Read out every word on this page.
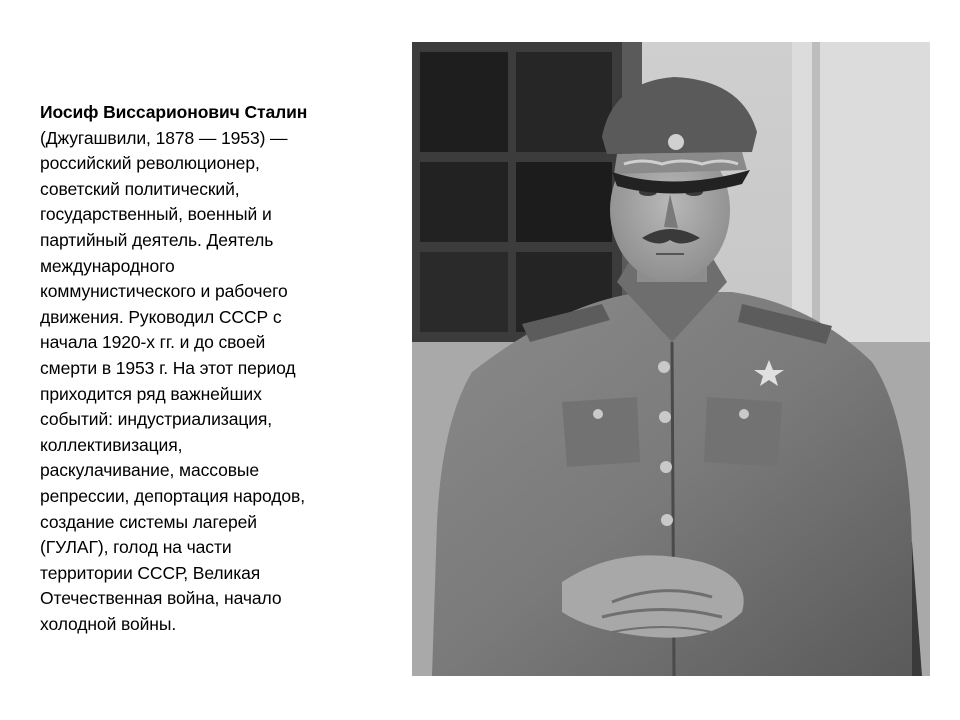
Иосиф Виссарионович Сталин
(Джугашвили, 1878 — 1953) —
российский революционер,
советский политический,
государственный, военный и
партийный деятель. Деятель
международного
коммунистического и рабочего
движения. Руководил СССР с
начала 1920-х гг. и до своей
смерти в 1953 г. На этот период
приходится ряд важнейших
событий: индустриализация,
коллективизация,
раскулачивание, массовые
репрессии, депортация народов,
создание системы лагерей
(ГУЛАГ), голод на части
территории СССР, Великая
Отечественная война, начало
холодной войны.
